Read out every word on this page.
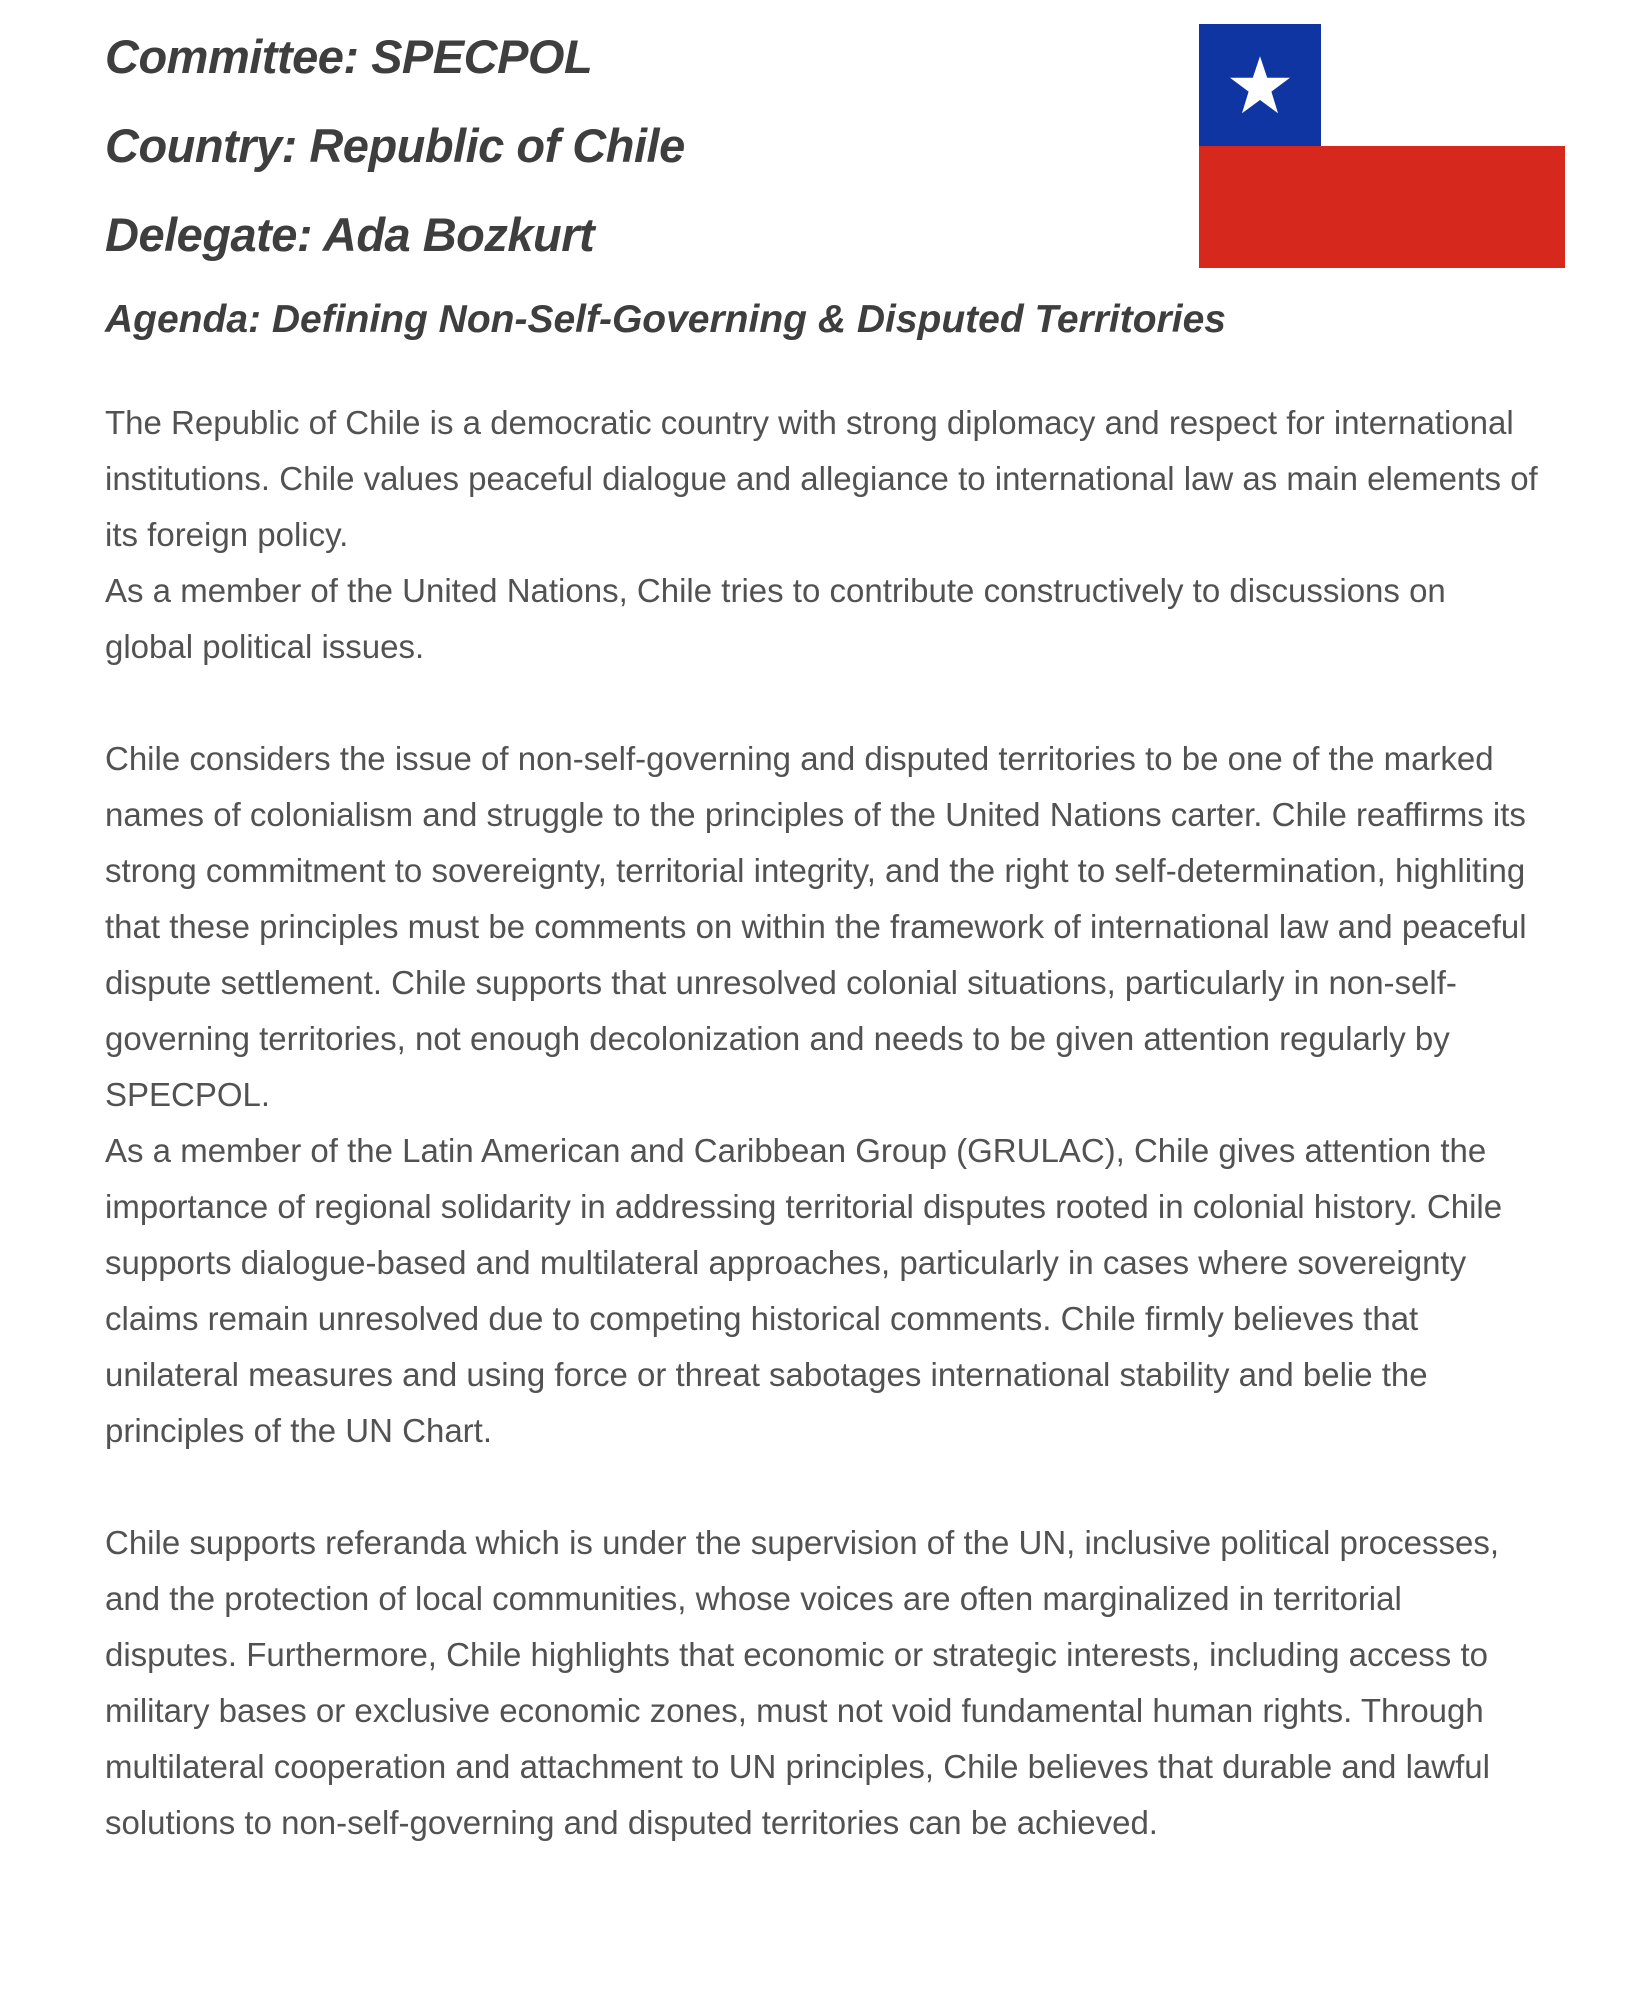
Committee: SPECPOL
Country: Republic of Chile
Delegate: Ada Bozkurt
Agenda: Defining Non-Self-Governing & Disputed Territories

The Republic of Chile is a democratic country with strong diplomacy and respect for international institutions. Chile values peaceful dialogue and allegiance to international law as main elements of its foreign policy.

As a member of the United Nations, Chile tries to contribute constructively to discussions on global political issues.

Chile considers the issue of non-self-governing and disputed territories to be one of the marked names of colonialism and struggle to the principles of the United Nations carter. Chile reaffirms its strong commitment to sovereignty, territorial integrity, and the right to self-determination, highliting that these principles must be comments on within the framework of international law and peaceful dispute settlement. Chile supports that unresolved colonial situations, particularly in non-self-governing territories, not enough decolonization and needs to be given attention regularly by SPECPOL.

As a member of the Latin American and Caribbean Group (GRULAC), Chile gives attention the importance of regional solidarity in addressing territorial disputes rooted in colonial history. Chile supports dialogue-based and multilateral approaches, particularly in cases where sovereignty claims remain unresolved due to competing historical comments. Chile firmly believes that unilateral measures and using force or threat sabotages international stability and belie the principles of the UN Chart.

Chile supports referanda which is under the supervision of the UN, inclusive political processes, and the protection of local communities, whose voices are often marginalized in territorial disputes. Furthermore, Chile highlights that economic or strategic interests, including access to military bases or exclusive economic zones, must not void fundamental human rights. Through multilateral cooperation and attachment to UN principles, Chile believes that durable and lawful solutions to non-self-governing and disputed territories can be achieved.
